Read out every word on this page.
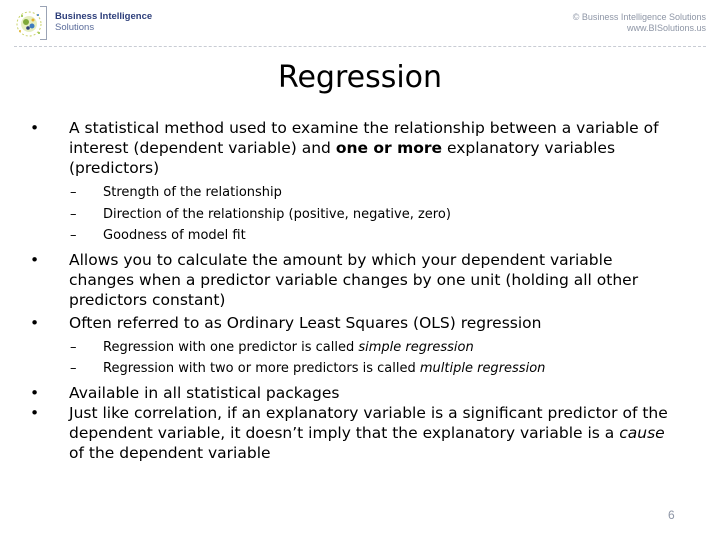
Business Intelligence
Solutions
© Business Intelligence Solutions
www.BISolutions.us
Regression
• A statistical method used to examine the relationship between a variable of interest (dependent variable) and one or more explanatory variables (predictors)
– Strength of the relationship
– Direction of the relationship (positive, negative, zero)
– Goodness of model fit
• Allows you to calculate the amount by which your dependent variable changes when a predictor variable changes by one unit (holding all other predictors constant)
• Often referred to as Ordinary Least Squares (OLS) regression
– Regression with one predictor is called simple regression
– Regression with two or more predictors is called multiple regression
• Available in all statistical packages
• Just like correlation, if an explanatory variable is a significant predictor of the dependent variable, it doesn’t imply that the explanatory variable is a cause of the dependent variable
6
